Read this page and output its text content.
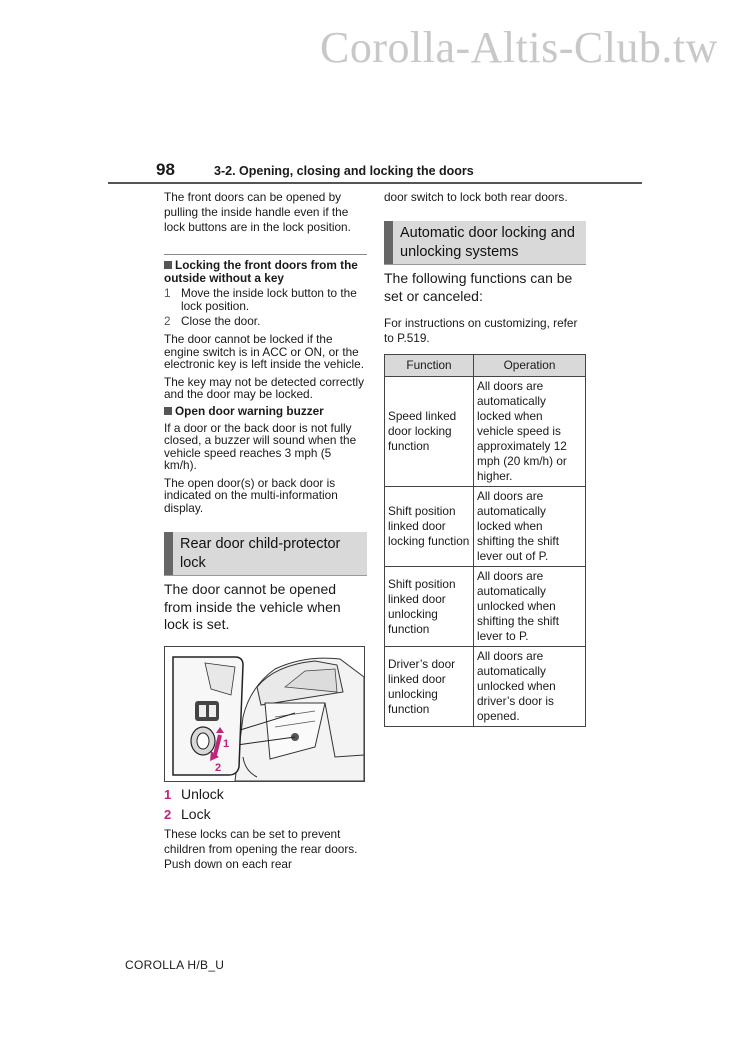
Corolla-Altis-Club.tw
98	3-2. Opening, closing and locking the doors

The front doors can be opened by pulling the inside handle even if the lock buttons are in the lock position.

Locking the front doors from the outside without a key

1 Move the inside lock button to the lock position.
2 Close the door.

The door cannot be locked if the engine switch is in ACC or ON, or the electronic key is left inside the vehicle.

The key may not be detected correctly and the door may be locked.

Open door warning buzzer

If a door or the back door is not fully closed, a buzzer will sound when the vehicle speed reaches 3 mph (5 km/h).

The open door(s) or back door is indicated on the multi-information display.

Rear door child-protector lock

The door cannot be opened from inside the vehicle when lock is set.

1
2

1 Unlock

2 Lock

These locks can be set to prevent children from opening the rear doors. Push down on each rear

door switch to lock both rear doors.

Automatic door locking and unlocking systems

The following functions can be set or canceled:

For instructions on customizing, refer to P.519.

Function	Operation
Speed linked door locking function	All doors are automatically locked when vehicle speed is approximately 12 mph (20 km/h) or higher.
Shift position linked door locking function	All doors are automatically locked when shifting the shift lever out of P.
Shift position linked door unlocking function	All doors are automatically unlocked when shifting the shift lever to P.
Driver’s door linked door unlocking function	All doors are automatically unlocked when driver’s door is opened.
COROLLA H/B_U
